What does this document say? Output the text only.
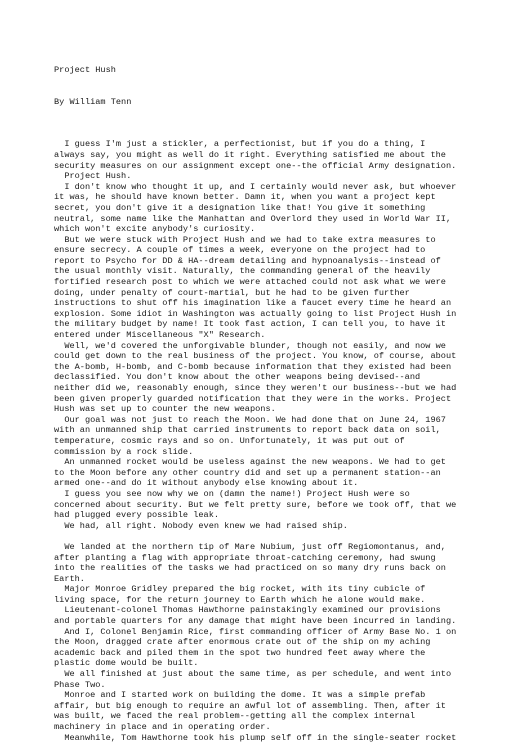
Project Hush

By William Tenn

I guess I'm just a stickler, a perfectionist, but if you do a thing, I
always say, you might as well do it right. Everything satisfied me about the
security measures on our assignment except one--the official Army designation.
Project Hush.
I don't know who thought it up, and I certainly would never ask, but whoever
it was, he should have known better. Damn it, when you want a project kept
secret, you don't give it a designation like that! You give it something
neutral, some name like the Manhattan and Overlord they used in World War II,
which won't excite anybody's curiosity.
But we were stuck with Project Hush and we had to take extra measures to
ensure secrecy. A couple of times a week, everyone on the project had to
report to Psycho for DD & HA--dream detailing and hypnoanalysis--instead of
the usual monthly visit. Naturally, the commanding general of the heavily
fortified research post to which we were attached could not ask what we were
doing, under penalty of court-martial, but he had to be given further
instructions to shut off his imagination like a faucet every time he heard an
explosion. Some idiot in Washington was actually going to list Project Hush in
the military budget by name! It took fast action, I can tell you, to have it
entered under Miscellaneous "X" Research.
Well, we'd covered the unforgivable blunder, though not easily, and now we
could get down to the real business of the project. You know, of course, about
the A-bomb, H-bomb, and C-bomb because information that they existed had been
declassified. You don't know about the other weapons being devised--and
neither did we, reasonably enough, since they weren't our business--but we had
been given properly guarded notification that they were in the works. Project
Hush was set up to counter the new weapons.
Our goal was not just to reach the Moon. We had done that on June 24, 1967
with an unmanned ship that carried instruments to report back data on soil,
temperature, cosmic rays and so on. Unfortunately, it was put out of
commission by a rock slide.
An unmanned rocket would be useless against the new weapons. We had to get
to the Moon before any other country did and set up a permanent station--an
armed one--and do it without anybody else knowing about it.
I guess you see now why we on (damn the name!) Project Hush were so
concerned about security. But we felt pretty sure, before we took off, that we
had plugged every possible leak.
We had, all right. Nobody even knew we had raised ship.
We landed at the northern tip of Mare Nubium, just off Regiomontanus, and,
after planting a flag with appropriate throat-catching ceremony, had swung
into the realities of the tasks we had practiced on so many dry runs back on
Earth.
Major Monroe Gridley prepared the big rocket, with its tiny cubicle of
living space, for the return journey to Earth which he alone would make.
Lieutenant-colonel Thomas Hawthorne painstakingly examined our provisions
and portable quarters for any damage that might have been incurred in landing.
And I, Colonel Benjamin Rice, first commanding officer of Army Base No. 1 on
the Moon, dragged crate after enormous crate out of the ship on my aching
academic back and piled them in the spot two hundred feet away where the
plastic dome would be built.
We all finished at just about the same time, as per schedule, and went into
Phase Two.
Monroe and I started work on building the dome. It was a simple prefab
affair, but big enough to require an awful lot of assembling. Then, after it
was built, we faced the real problem--getting all the complex internal
machinery in place and in operating order.
Meanwhile, Tom Hawthorne took his plump self off in the single-seater rocket
